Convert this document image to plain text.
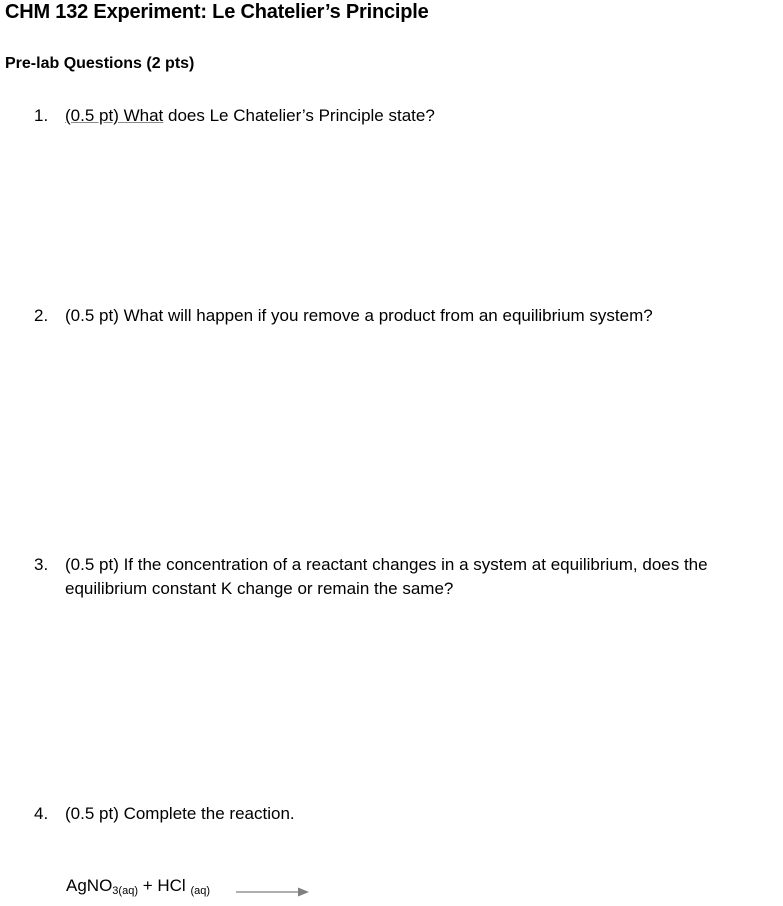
CHM 132 Experiment: Le Chatelier’s Principle
Pre-lab Questions (2 pts)
1. (0.5 pt) What does Le Chatelier’s Principle state?
2. (0.5 pt) What will happen if you remove a product from an equilibrium system?
3. (0.5 pt) If the concentration of a reactant changes in a system at equilibrium, does the
equilibrium constant K change or remain the same?
4. (0.5 pt) Complete the reaction.
AgNO$_{3(aq)}$ + HCl $_{(aq)}$
